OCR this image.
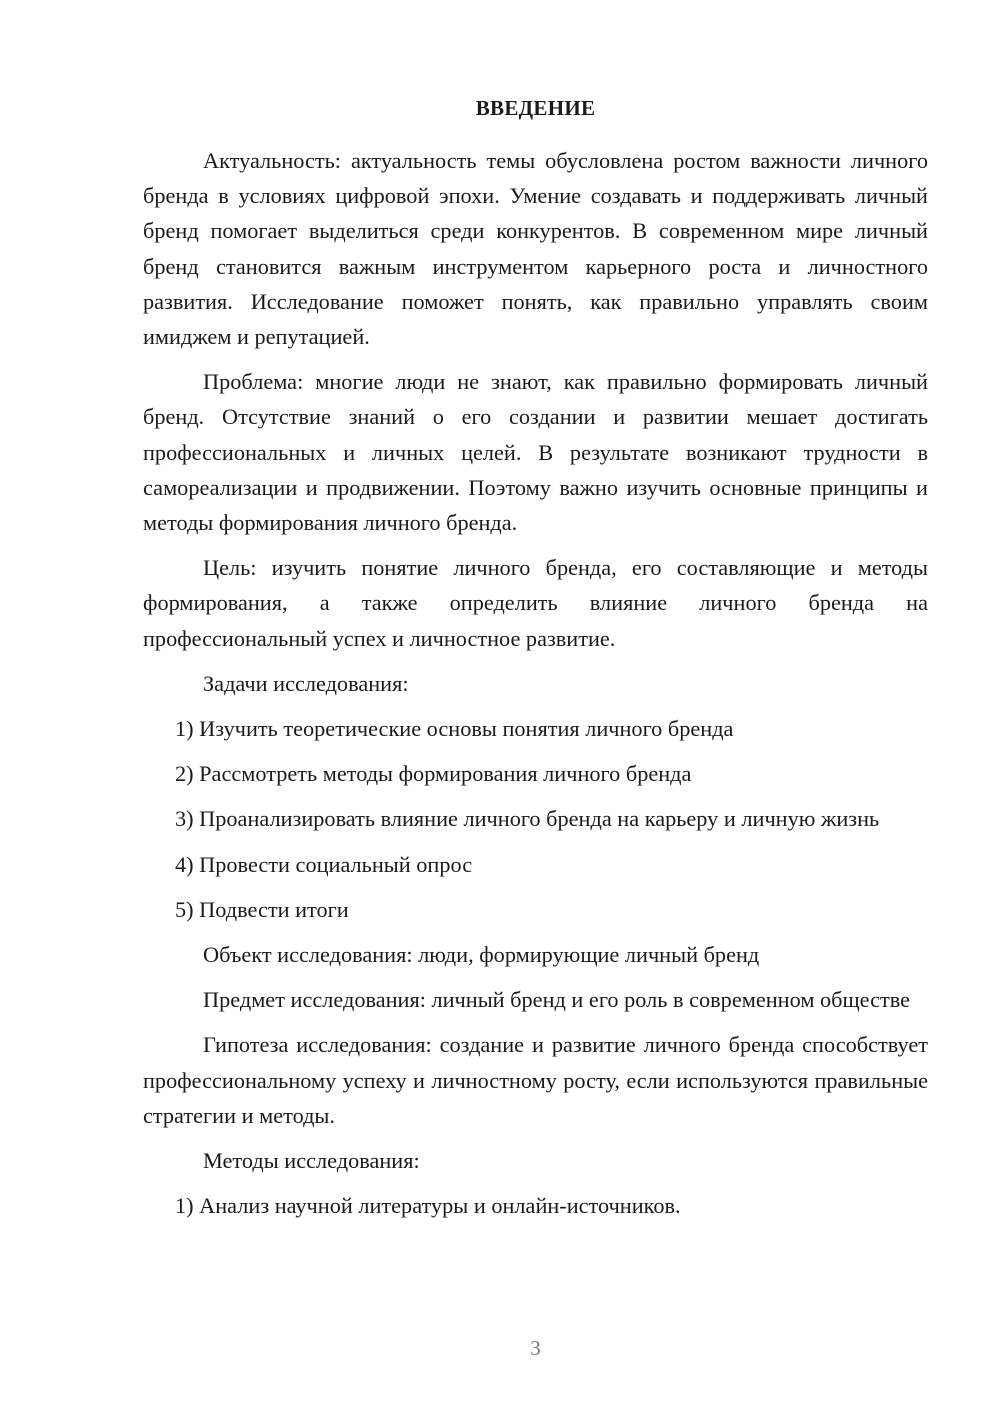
ВВЕДЕНИЕ

Актуальность: актуальность темы обусловлена ростом важности личного бренда в условиях цифровой эпохи. Умение создавать и поддерживать личный бренд помогает выделиться среди конкурентов. В современном мире личный бренд становится важным инструментом карьерного роста и личностного развития. Исследование поможет понять, как правильно управлять своим имиджем и репутацией.

Проблема: многие люди не знают, как правильно формировать личный бренд. Отсутствие знаний о его создании и развитии мешает достигать профессиональных и личных целей. В результате возникают трудности в самореализации и продвижении. Поэтому важно изучить основные принципы и методы формирования личного бренда.

Цель: изучить понятие личного бренда, его составляющие и методы формирования, а также определить влияние личного бренда на профессиональный успех и личностное развитие.

Задачи исследования:

1) Изучить теоретические основы понятия личного бренда

2) Рассмотреть методы формирования личного бренда

3) Проанализировать влияние личного бренда на карьеру и личную жизнь

4) Провести социальный опрос

5) Подвести итоги

Объект исследования: люди, формирующие личный бренд

Предмет исследования: личный бренд и его роль в современном обществе

Гипотеза исследования: создание и развитие личного бренда способствует профессиональному успеху и личностному росту, если используются правильные стратегии и методы.

Методы исследования:

1) Анализ научной литературы и онлайн-источников.

3
